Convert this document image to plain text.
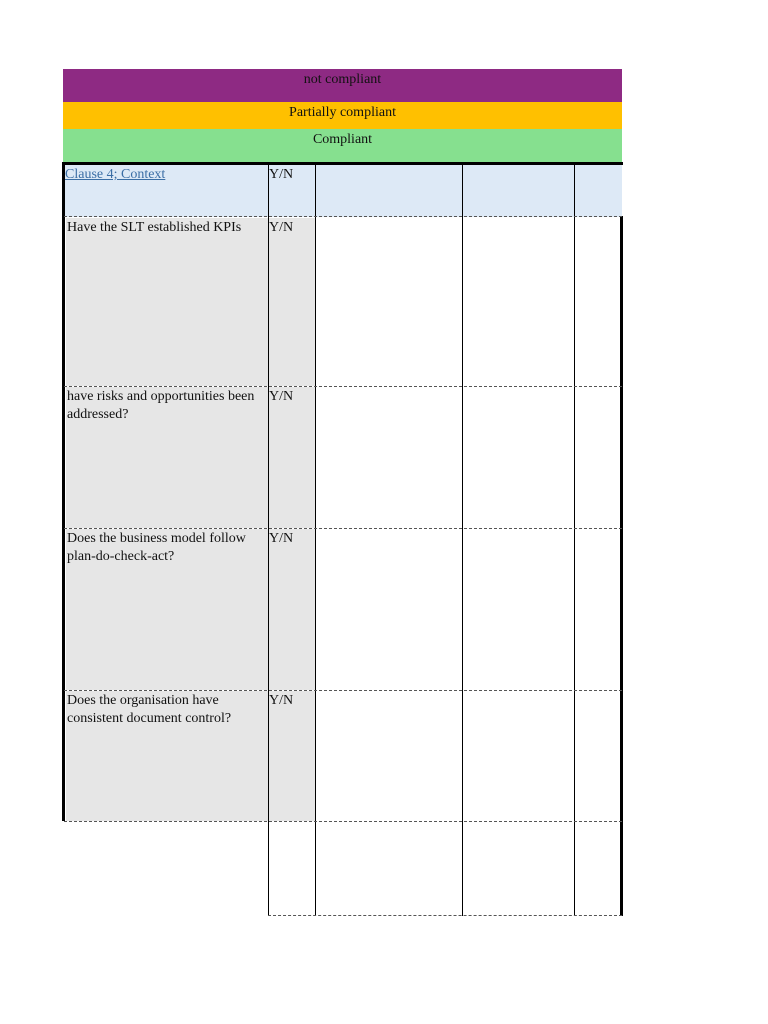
not compliant
Partially compliant
Compliant
Clause 4; Context	Y/N
Have the SLT established KPIs	Y/N
have risks and opportunities been addressed?
Y/N
Does the business model follow plan-do-check-act?
Y/N
Does the organisation have consistent document control?
Y/N
